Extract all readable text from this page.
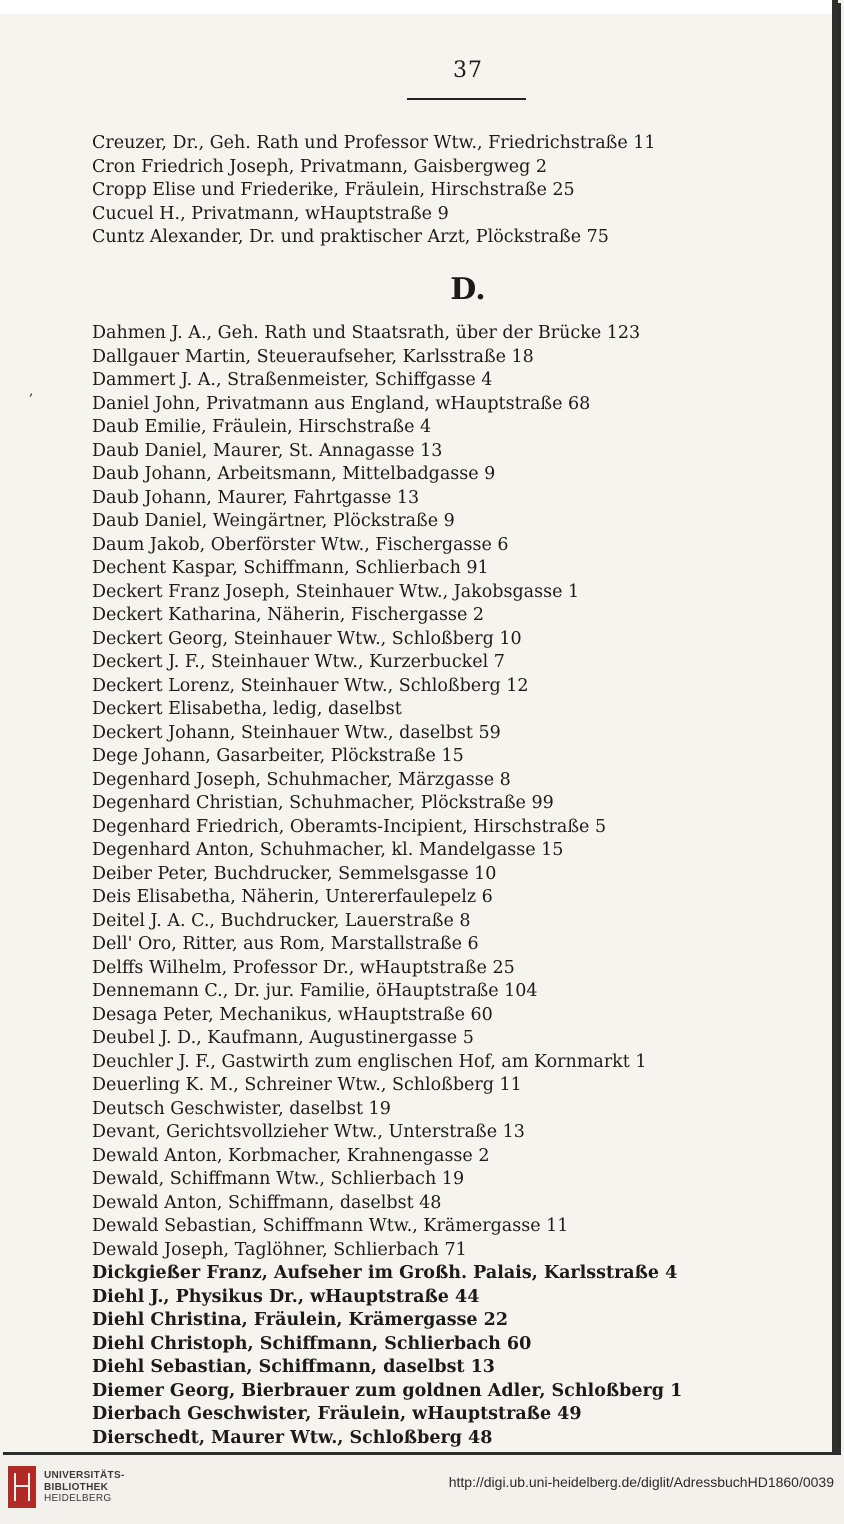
37
Creuzer, Dr., Geh. Rath und Professor Wtw., Friedrichstraße 11
Cron Friedrich Joseph, Privatmann, Gaisbergweg 2
Cropp Elise und Friederike, Fräulein, Hirschstraße 25
Cucuel H., Privatmann, wHauptstraße 9
Cuntz Alexander, Dr. und praktischer Arzt, Plöckstraße 75
D.
,
Dahmen J. A., Geh. Rath und Staatsrath, über der Brücke 123
Dallgauer Martin, Steueraufseher, Karlsstraße 18
Dammert J. A., Straßenmeister, Schiffgasse 4
Daniel John, Privatmann aus England, wHauptstraße 68
Daub Emilie, Fräulein, Hirschstraße 4
Daub Daniel, Maurer, St. Annagasse 13
Daub Johann, Arbeitsmann, Mittelbadgasse 9
Daub Johann, Maurer, Fahrtgasse 13
Daub Daniel, Weingärtner, Plöckstraße 9
Daum Jakob, Oberförster Wtw., Fischergasse 6
Dechent Kaspar, Schiffmann, Schlierbach 91
Deckert Franz Joseph, Steinhauer Wtw., Jakobsgasse 1
Deckert Katharina, Näherin, Fischergasse 2
Deckert Georg, Steinhauer Wtw., Schloßberg 10
Deckert J. F., Steinhauer Wtw., Kurzerbuckel 7
Deckert Lorenz, Steinhauer Wtw., Schloßberg 12
Deckert Elisabetha, ledig, daselbst
Deckert Johann, Steinhauer Wtw., daselbst 59
Dege Johann, Gasarbeiter, Plöckstraße 15
Degenhard Joseph, Schuhmacher, Märzgasse 8
Degenhard Christian, Schuhmacher, Plöckstraße 99
Degenhard Friedrich, Oberamts-Incipient, Hirschstraße 5
Degenhard Anton, Schuhmacher, kl. Mandelgasse 15
Deiber Peter, Buchdrucker, Semmelsgasse 10
Deis Elisabetha, Näherin, Untererfaulepelz 6
Deitel J. A. C., Buchdrucker, Lauerstraße 8
Dell' Oro, Ritter, aus Rom, Marstallstraße 6
Delffs Wilhelm, Professor Dr., wHauptstraße 25
Dennemann C., Dr. jur. Familie, öHauptstraße 104
Desaga Peter, Mechanikus, wHauptstraße 60
Deubel J. D., Kaufmann, Augustinergasse 5
Deuchler J. F., Gastwirth zum englischen Hof, am Kornmarkt 1
Deuerling K. M., Schreiner Wtw., Schloßberg 11
Deutsch Geschwister, daselbst 19
Devant, Gerichtsvollzieher Wtw., Unterstraße 13
Dewald Anton, Korbmacher, Krahnengasse 2
Dewald, Schiffmann Wtw., Schlierbach 19
Dewald Anton, Schiffmann, daselbst 48
Dewald Sebastian, Schiffmann Wtw., Krämergasse 11
Dewald Joseph, Taglöhner, Schlierbach 71
Dickgießer Franz, Aufseher im Großh. Palais, Karlsstraße 4
Diehl J., Physikus Dr., wHauptstraße 44
Diehl Christina, Fräulein, Krämergasse 22
Diehl Christoph, Schiffmann, Schlierbach 60
Diehl Sebastian, Schiffmann, daselbst 13
Diemer Georg, Bierbrauer zum goldnen Adler, Schloßberg 1
Dierbach Geschwister, Fräulein, wHauptstraße 49
Dierschedt, Maurer Wtw., Schloßberg 48
UNIVERSITÄTS-
BIBLIOTHEK
HEIDELBERG
http://digi.ub.uni-heidelberg.de/diglit/AdressbuchHD1860/0039
